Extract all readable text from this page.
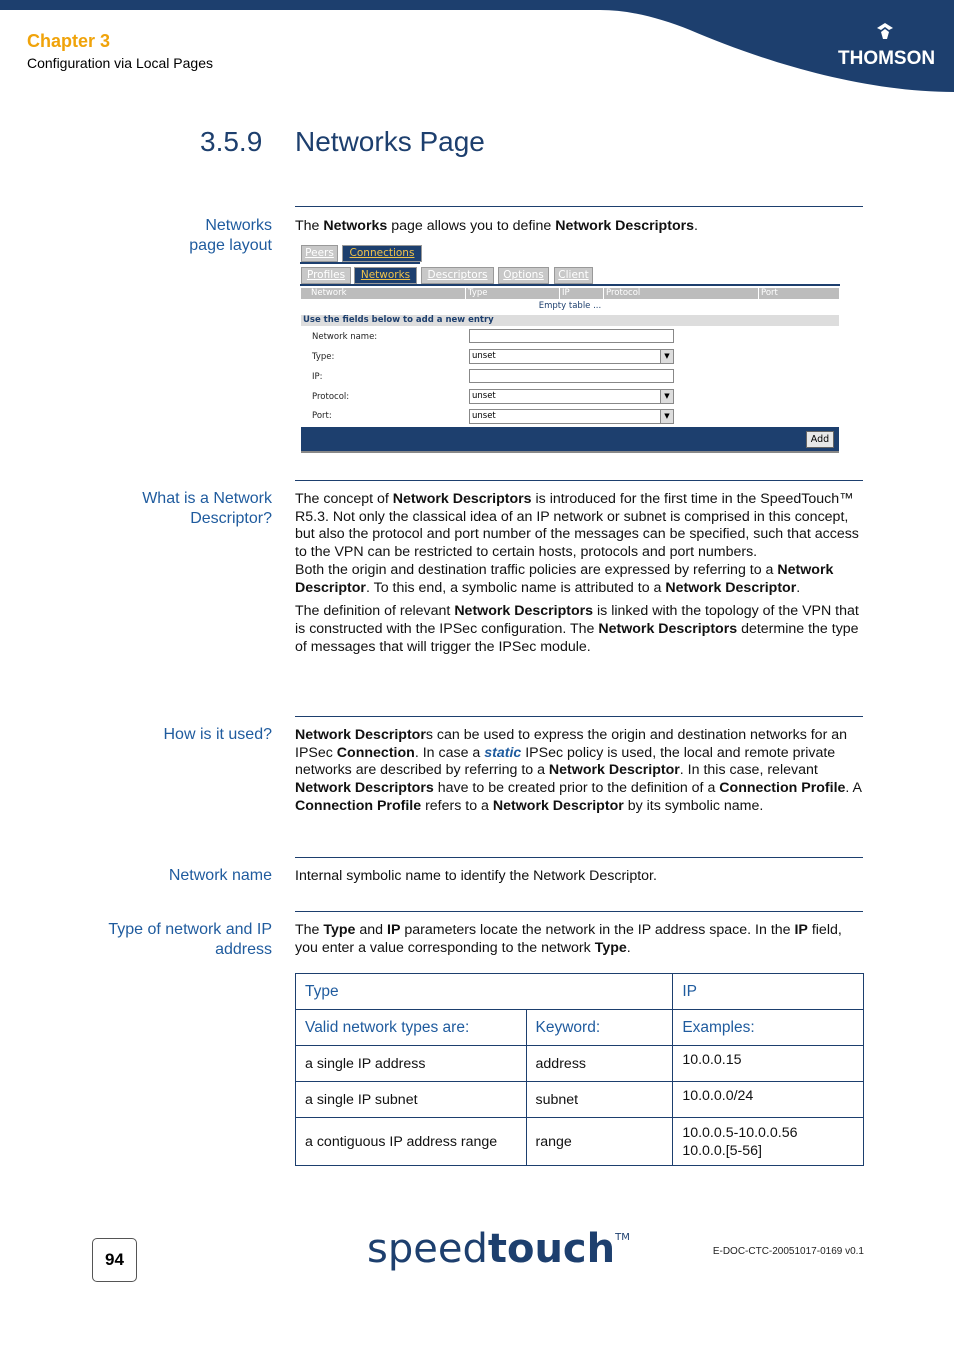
Chapter 3
Configuration via Local Pages	THOMSON
3.5.9 Networks Page
Networks
page layout

The Networks page allows you to define Network Descriptors.

Peers	Connections
Profiles	Networks	Descriptors	Options	Client
Network	Type	IP	Protocol	Port
Empty table ...
Use the fields below to add a new entry
Network name:
Type:	unset	▼
IP:
Protocol:	unset	▼
Port:	unset	▼
Add
What is a Network
Descriptor?

The concept of Network Descriptors is introduced for the first time in the SpeedTouch™ R5.3. Not only the classical idea of an IP network or subnet is comprised in this concept, but also the protocol and port number of the messages can be specified, such that access to the VPN can be restricted to certain hosts, protocols and port numbers.
Both the origin and destination traffic policies are expressed by referring to a Network Descriptor. To this end, a symbolic name is attributed to a Network Descriptor.

The definition of relevant Network Descriptors is linked with the topology of the VPN that is constructed with the IPSec configuration. The Network Descriptors determine the type of messages that will trigger the IPSec module.

How is it used? Network Descriptors can be used to express the origin and destination networks for an IPSec Connection. In case a static IPSec policy is used, the local and remote private networks are described by referring to a Network Descriptor. In this case, relevant Network Descriptors have to be created prior to the definition of a Connection Profile. A Connection Profile refers to a Network Descriptor by its symbolic name.

Network name Internal symbolic name to identify the Network Descriptor.
Type of network and IP
address

The Type and IP parameters locate the network in the IP address space. In the IP field, you enter a value corresponding to the network Type.

Type		IP
Valid network types are:	Keyword:	Examples:
a single IP address	address	10.0.0.15
a single IP subnet	subnet	10.0.0.0/24
a contiguous IP address range	range	10.0.0.5-10.0.0.56
10.0.0.[5-56]
94	speedtouch™
E-DOC-CTC-20051017-0169 v0.1
